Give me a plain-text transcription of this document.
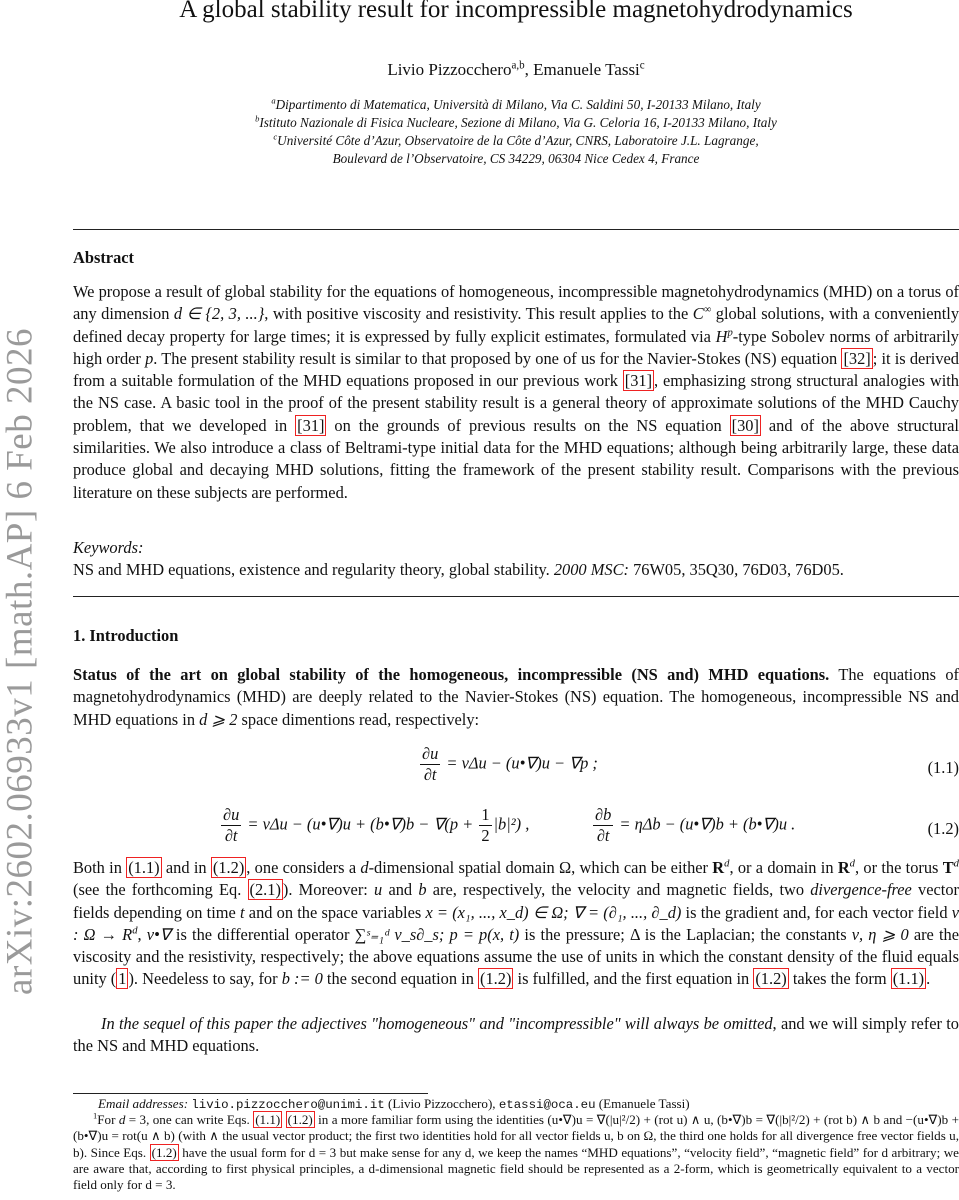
arXiv:2602.06933v1 [math.AP] 6 Feb 2026
A global stability result for incompressible magnetohydrodynamics
Livio Pizzocchero$^{a,b}$, Emanuele Tassi$^c$
$^a$Dipartimento di Matematica, Università di Milano, Via C. Saldini 50, I-20133 Milano, Italy
$^b$Istituto Nazionale di Fisica Nucleare, Sezione di Milano, Via G. Celoria 16, I-20133 Milano, Italy
$^c$Université Côte d’Azur, Observatoire de la Côte d’Azur, CNRS, Laboratoire J.L. Lagrange,
Boulevard de l’Observatoire, CS 34229, 06304 Nice Cedex 4, France
Abstract
We propose a result of global stability for the equations of homogeneous, incompressible magnetohydrodynamics (MHD) on a torus of any dimension d ∈ {2, 3, ...}, with positive viscosity and resistivity. This result applies to the C∞ global solutions, with a conveniently defined decay property for large times; it is expressed by fully explicit estimates, formulated via $H^p$-type Sobolev norms of arbitrarily high order p. The present stability result is similar to that proposed by one of us for the Navier-Stokes (NS) equation [32] ; it is derived from a suitable formulation of the MHD equations proposed in our previous work [31] , emphasizing strong structural analogies with the NS case. A basic tool in the proof of the present stability result is a general theory of approximate solutions of the MHD Cauchy problem, that we developed in [31] on the grounds of previous results on the NS equation [30] and of the above structural similarities. We also introduce a class of Beltrami-type initial data for the MHD equations; although being arbitrarily large, these data produce global and decaying MHD solutions, fitting the framework of the present stability result. Comparisons with the previous literature on these subjects are performed.
Keywords:
NS and MHD equations, existence and regularity theory, global stability. 2000 MSC: 76W05, 35Q30, 76D03, 76D05.
1. Introduction
Status of the art on global stability of the homogeneous, incompressible (NS and) MHD equations. The equations of magnetohydrodynamics (MHD) are deeply related to the Navier-Stokes (NS) equation. The homogeneous, incompressible NS and MHD equations in d ⩾ 2 space dimentions read, respectively:
$\frac{\partial u}{\partial t} = \nu\Delta u$ − (u•∇)u − ∇p ;	(1.1)
$\frac{\partial u}{\partial t} = \nu\Delta u$ − (u•∇)u + (b•∇)b − $\nabla(p + \frac{1}{2} |b|^2)$ ,	$\frac{\partial b}{\partial t} = \eta\Delta b$ − (u•∇)b + (b•∇)u .	(1.2)
Both in (1.1) and in (1.2) , one considers a d-dimensional spatial domain Ω, which can be either $R^d$, or a domain in $R^d$, or the torus $T^d$ (see the forthcoming Eq. (2.1) ). Moreover: u and b are, respectively, the velocity and magnetic fields, two divergence-free vector fields depending on time t and on the space variables x = (x₁, ..., x_d) ∈ Ω; ∇ = (∂₁, ..., ∂_d) is the gradient and, for each vector field v : $\Omega \to R^d$, v•∇ is the differential operator ∑ˢ₌₁ᵈ v_s∂_s; p = p(x, t) is the pressure; Δ is the Laplacian; the constants ν, η ⩾ 0 are the viscosity and the resistivity, respectively; the above equations assume the use of units in which the constant density of the fluid equals unity ( 1 ). Needeless to say, for b := 0 the second equation in (1.2) is fulfilled, and the first equation in (1.2) takes the form (1.1) .
In the sequel of this paper the adjectives "homogeneous" and "incompressible" will always be omitted, and we will simply refer to the NS and MHD equations.
Email addresses: livio.pizzocchero@unimi.it (Livio Pizzocchero), etassi@oca.eu (Emanuele Tassi)
$^1$For d = 3, one can write Eqs. (1.1) (1.2) in a more familiar form using the identities (u•∇)u = ∇(|u|²/2) + (rot u) ∧ u, (b•∇)b = ∇(|b|²/2) + (rot b) ∧ b and −(u•∇)b + (b•∇)u = rot(u ∧ b) (with ∧ the usual vector product; the first two identities hold for all vector fields u, b on Ω, the third one holds for all divergence free vector fields u, b). Since Eqs. (1.2) have the usual form for d = 3 but make sense for any d, we keep the names “MHD equations”, “velocity field”, “magnetic field” for d arbitrary; we are aware that, according to first physical principles, a d-dimensional magnetic field should be represented as a 2-form, which is geometrically equivalent to a vector field only for d = 3.
